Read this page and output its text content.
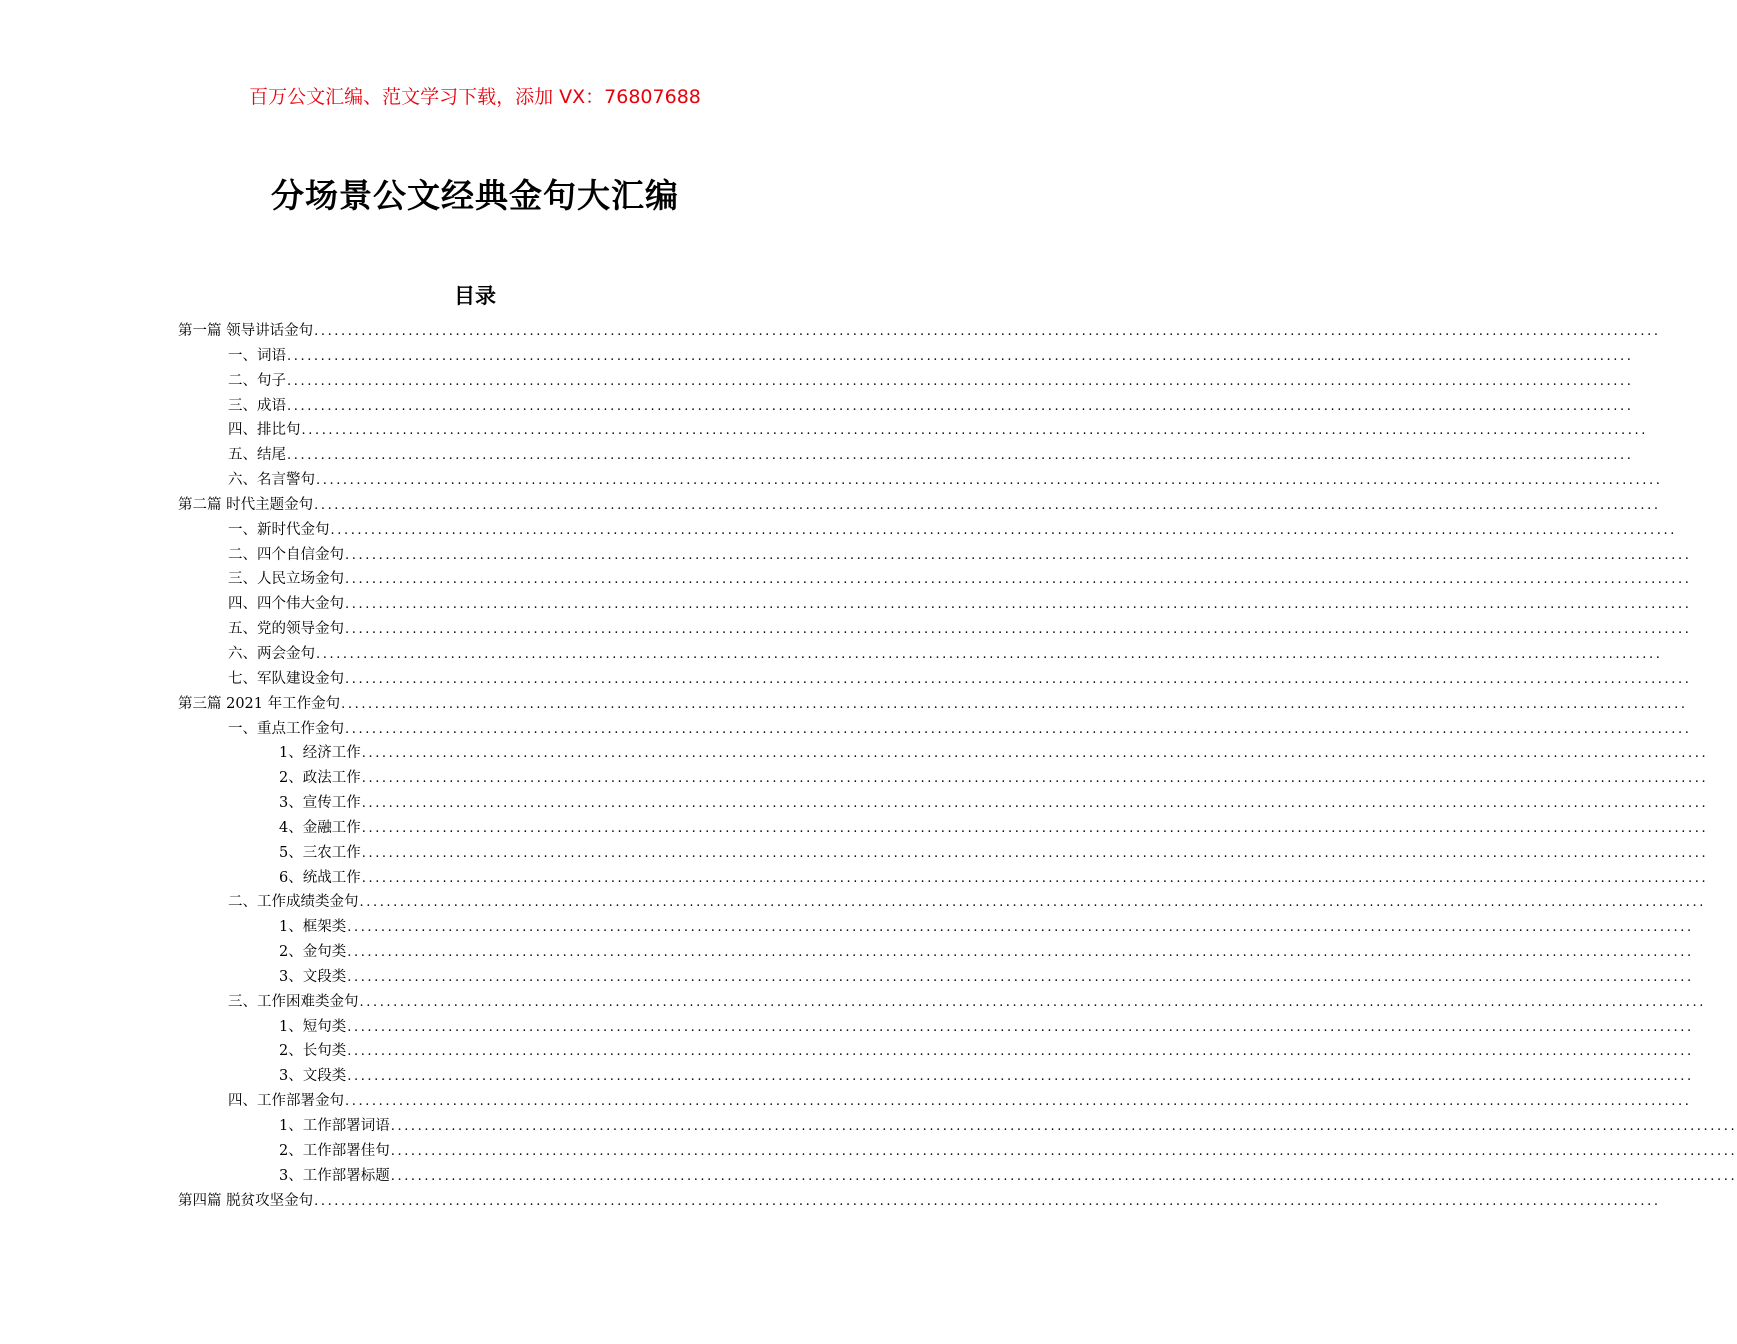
百万公文汇编、范文学习下载，添加 VX：76807688
分场景公文经典金句大汇编
目录
第一篇 领导讲话金句 ........................................................................................................................................................................................................
一、词语 ........................................................................................................................................................................................................
二、句子 ........................................................................................................................................................................................................
三、成语 ........................................................................................................................................................................................................
四、排比句 ........................................................................................................................................................................................................
五、结尾 ........................................................................................................................................................................................................
六、名言警句 ........................................................................................................................................................................................................
第二篇 时代主题金句 ........................................................................................................................................................................................................
一、新时代金句 ........................................................................................................................................................................................................
二、四个自信金句 ........................................................................................................................................................................................................
三、人民立场金句 ........................................................................................................................................................................................................
四、四个伟大金句 ........................................................................................................................................................................................................
五、党的领导金句 ........................................................................................................................................................................................................
六、两会金句 ........................................................................................................................................................................................................
七、军队建设金句 ........................................................................................................................................................................................................
第三篇 2021 年工作金句 ........................................................................................................................................................................................................
一、重点工作金句 ........................................................................................................................................................................................................
1、经济工作 ........................................................................................................................................................................................................
2、政法工作 ........................................................................................................................................................................................................
3、宣传工作 ........................................................................................................................................................................................................
4、金融工作 ........................................................................................................................................................................................................
5、三农工作 ........................................................................................................................................................................................................
6、统战工作 ........................................................................................................................................................................................................
二、工作成绩类金句 ........................................................................................................................................................................................................
1、框架类 ........................................................................................................................................................................................................
2、金句类 ........................................................................................................................................................................................................
3、文段类 ........................................................................................................................................................................................................
三、工作困难类金句 ........................................................................................................................................................................................................
1、短句类 ........................................................................................................................................................................................................
2、长句类 ........................................................................................................................................................................................................
3、文段类 ........................................................................................................................................................................................................
四、工作部署金句 ........................................................................................................................................................................................................
1、工作部署词语 ........................................................................................................................................................................................................
2、工作部署佳句 ........................................................................................................................................................................................................
3、工作部署标题 ........................................................................................................................................................................................................
第四篇 脱贫攻坚金句 ........................................................................................................................................................................................................
